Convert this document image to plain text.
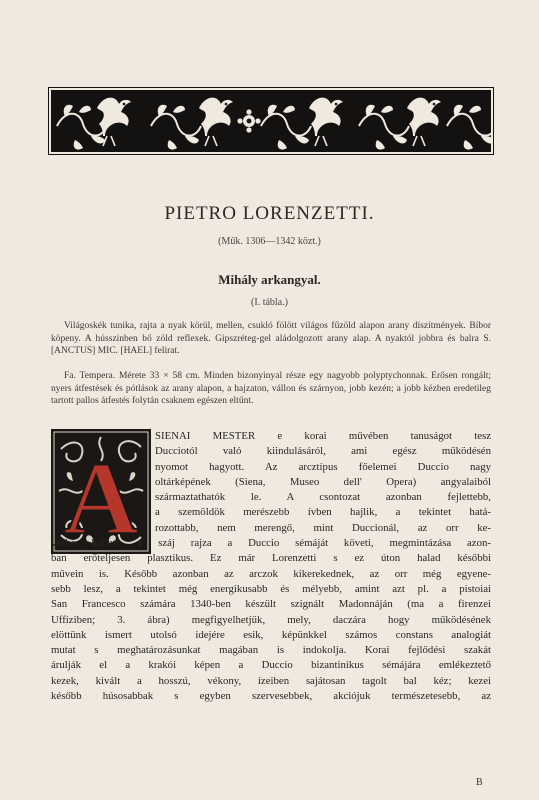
PIETRO LORENZETTI.
(Műk. 1306—1342 közt.)
Mihály arkangyal.
(I. tábla.)

Világoskék tunika, rajta a nyak körül, mellen, csukló fölött világos fűzöld alapon arany díszítmények. Bíbor köpeny. A hússzínben bő zöld reflexek. Gipszréteg-gel aládolgozott arany alap. A nyaktól jobbra és balra S. [ANCTUS] MIC. [HAEL] felirat.

Fa. Tempera. Mérete 33 × 58 cm. Minden bizonyinyal része egy nagyobb polyptychonnak. Erősen rongált; nyers átfestések és pótlások az arany alapon, a hajzaton, vállon és szárnyon, jobb kezén; a jobb kézben eredetileg tartott pallos átfestés folytán csaknem egészen eltűnt.

A
SIENAI MESTER e korai művében tanuságot tesz
Ducciotól való kiindulásáról, ami egész működésén
nyomot hagyott. Az arcztípus főelemei Duccio nagy
oltárképének (Siena, Museo dell' Opera) angyalaiból
származtathatók le. A csontozat azonban fejlettebb,
a szemöldök merészebb ívben hajlik, a tekintet hatá-
rozottabb, nem merengő, mint Duccionál, az orr ke-
vésbé hajlott, a száj rajza a Duccio sémáját követi, megmintázása azon-
ban erőteljesen plasztikus. Ez már Lorenzetti s ez úton halad későbbi
művein is. Később azonban az arczok kikerekednek, az orr még egyene-
sebb lesz, a tekintet még energikusabb és mélyebb, amint azt pl. a pistoiai
San Francesco számára 1340-ben készült szignált Madonnáján (ma a firenzei
Uffiziben; 3. ábra) megfigyelhetjük, mely, daczára hogy működésének
elöttünk ismert utolsó idejére esik, képünkkel számos constans analogiát
mutat s meghatározásunkat magában is indokolja. Korai fejlődési szakát
árulják el a krakói képen a Duccio bizantinikus sémájára emlékeztető
kezek, kivált a hosszú, vékony, ízeiben sajátosan tagolt bal kéz; kezei
később húsosabbak s egyben szervesebbek, akciójuk természetesebb, az
B
